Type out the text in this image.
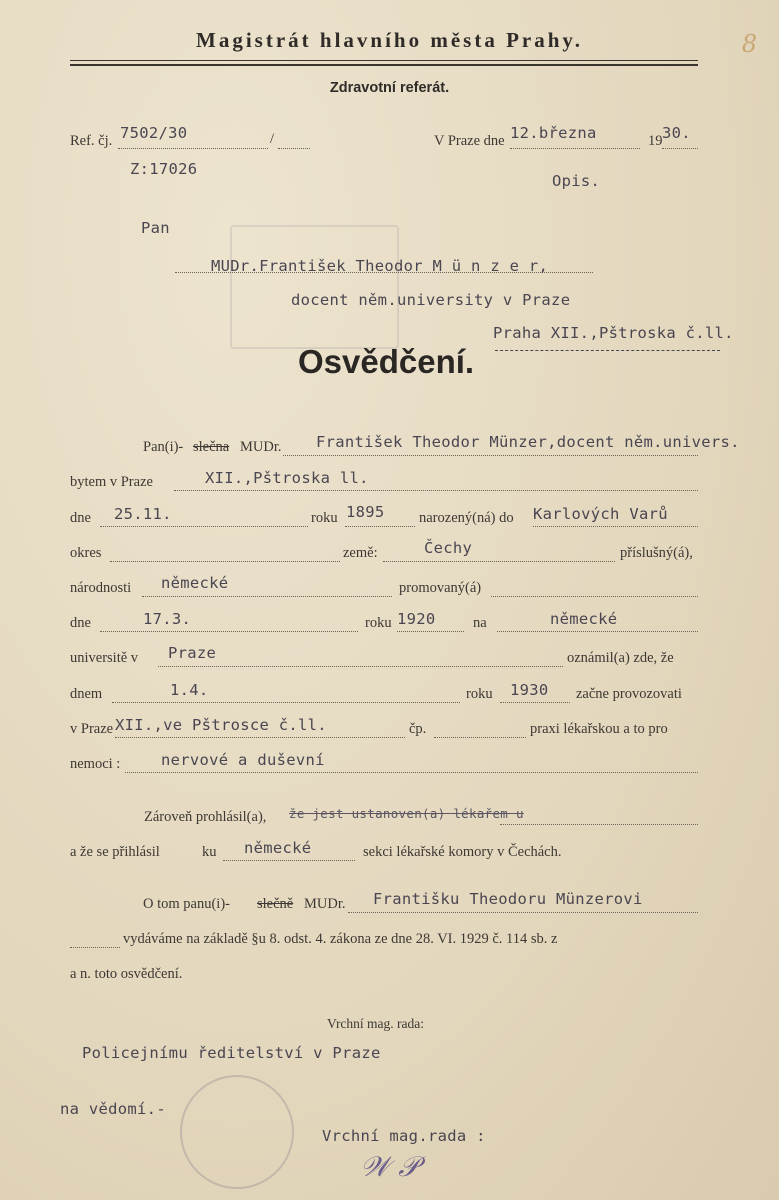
𝒲 𝒫
8
Magistrát hlavního města Prahy.
Zdravotní referát.
Ref. čj. 7502/30	/	V Praze dne 12.března	19 30.
Z:17026
Opis.
Pan
MUDr.František Theodor M ü n z e r,
docent něm.university v Praze
Praha XII.,Pštroska č.ll.
Osvědčení.
Pan(i)- slečna MUDr. František Theodor Münzer,docent něm.univers.
bytem v Praze	XII.,Pštroska ll.
dne 25.11.	roku 1895 narozený(ná) do Karlových Varů
okres	země:	Čechy	příslušný(á),
národnosti německé	promovaný(á)
dne	17.3.	roku 1920	na	německé
universitě v Praze	oznámil(a) zde, že
dnem	1.4.	roku 1930 začne provozovati
v Praze XII.,ve Pštrosce č.ll.	čp.	praxi lékařskou a to pro
nemoci :	nervové a duševní
Zároveň prohlásil(a), že jest ustanoven(a) lékařem u
a že se přihlásil	ku německé	sekci lékařské komory v Čechách.
O tom panu(i)- slečně MUDr. Františku Theodoru Münzerovi
vydáváme na základě §u 8. odst. 4. zákona ze dne 28. VI. 1929 č. 114 sb. z
a n. toto osvědčení.
Vrchní mag. rada:
Policejnímu ředitelství v Praze
na vědomí.-
Vrchní mag.rada :
